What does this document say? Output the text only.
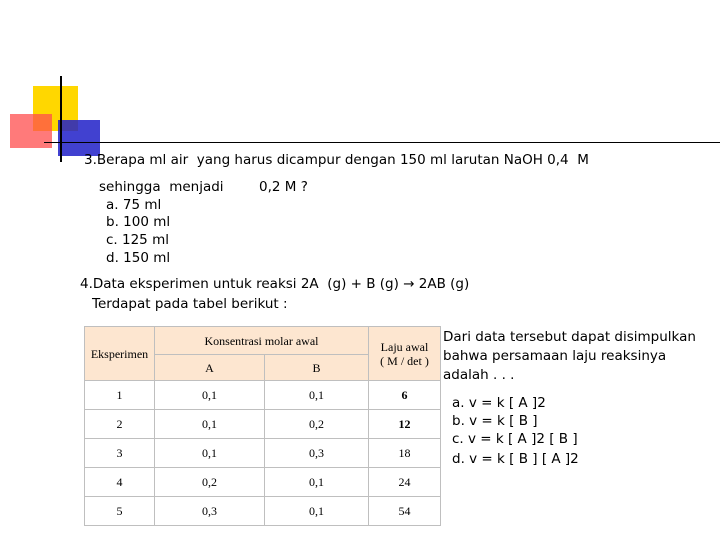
3.Berapa ml air  yang harus dicampur dengan 150 ml larutan NaOH 0,4  M
sehingga  menjadi	0,2 M ?
a. 75 ml
b. 100 ml
c. 125 ml
d. 150 ml
4.Data eksperimen untuk reaksi 2A  (g) + B (g) → 2AB (g)
Terdapat pada tabel berikut :
Eksperimen	Konsentrasi molar awal		Laju awal
( M / det )

	A	B	
1	0,1	0,1	6
2	0,1	0,2	12
3	0,1	0,3	18
4	0,2	0,1	24
5	0,3	0,1	54
Dari data tersebut dapat disimpulkan
bahwa persamaan laju reaksinya
adalah . . .
a. v = k [ A ]2
b. v = k [ B ]
c. v = k [ A ]2 [ B ]
d. v = k [ B ] [ A ]2
